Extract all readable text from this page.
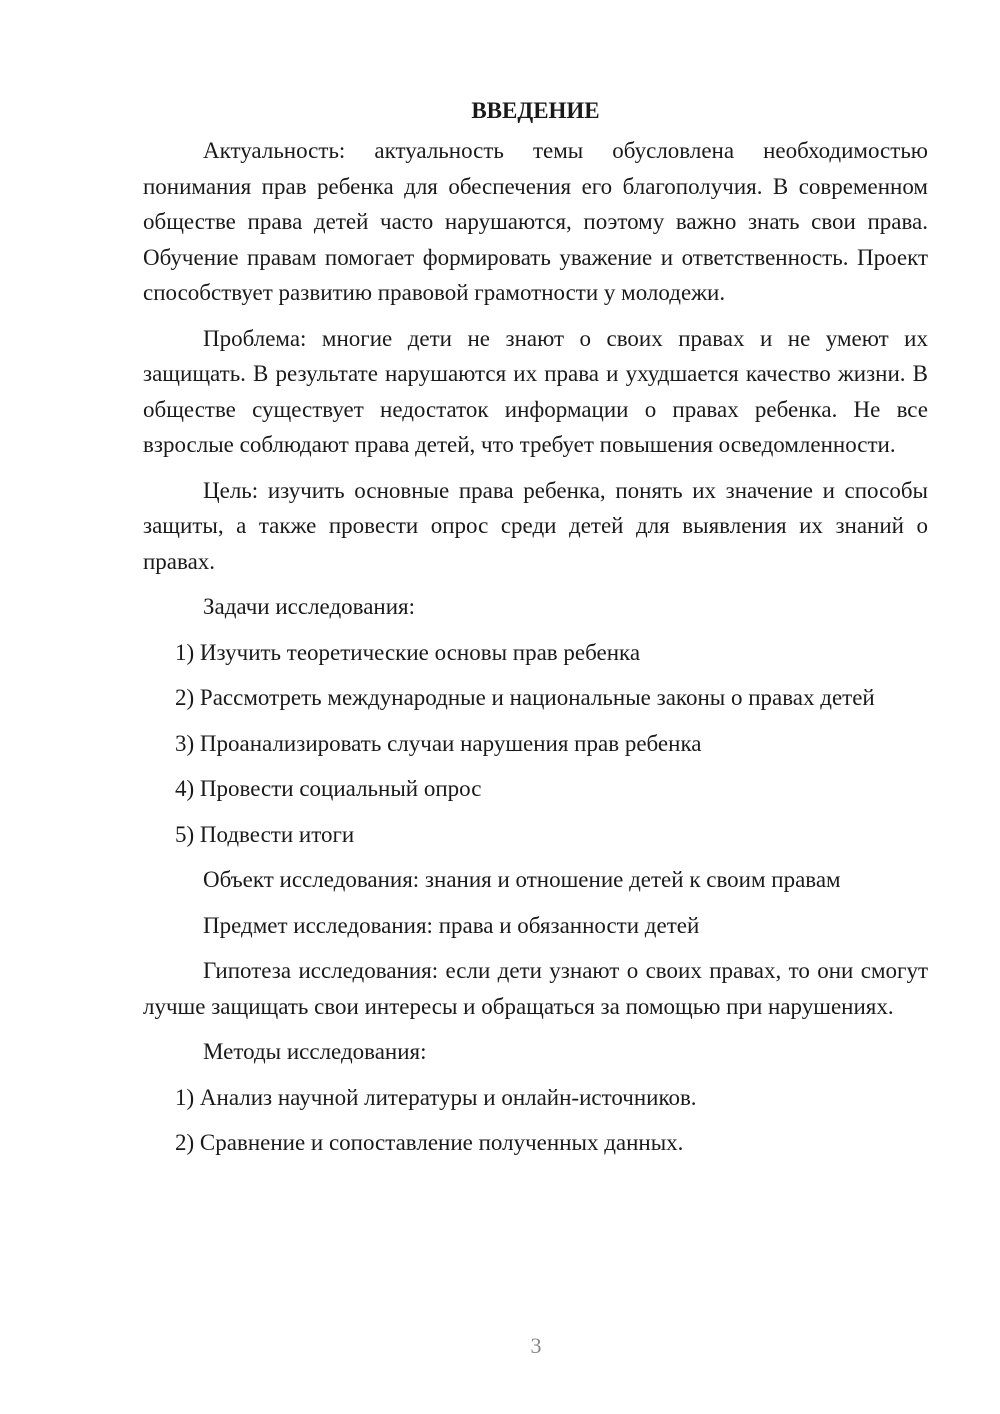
ВВЕДЕНИЕ

Актуальность: актуальность темы обусловлена необходимостью понимания прав ребенка для обеспечения его благополучия. В современном обществе права детей часто нарушаются, поэтому важно знать свои права. Обучение правам помогает формировать уважение и ответственность. Проект способствует развитию правовой грамотности у молодежи.

Проблема: многие дети не знают о своих правах и не умеют их защищать. В результате нарушаются их права и ухудшается качество жизни. В обществе существует недостаток информации о правах ребенка. Не все взрослые соблюдают права детей, что требует повышения осведомленности.

Цель: изучить основные права ребенка, понять их значение и способы защиты, а также провести опрос среди детей для выявления их знаний о правах.

Задачи исследования:

1) Изучить теоретические основы прав ребенка

2) Рассмотреть международные и национальные законы о правах детей

3) Проанализировать случаи нарушения прав ребенка

4) Провести социальный опрос

5) Подвести итоги

Объект исследования: знания и отношение детей к своим правам

Предмет исследования: права и обязанности детей

Гипотеза исследования: если дети узнают о своих правах, то они смогут лучше защищать свои интересы и обращаться за помощью при нарушениях.

Методы исследования:

1) Анализ научной литературы и онлайн-источников.

2) Сравнение и сопоставление полученных данных.

3
